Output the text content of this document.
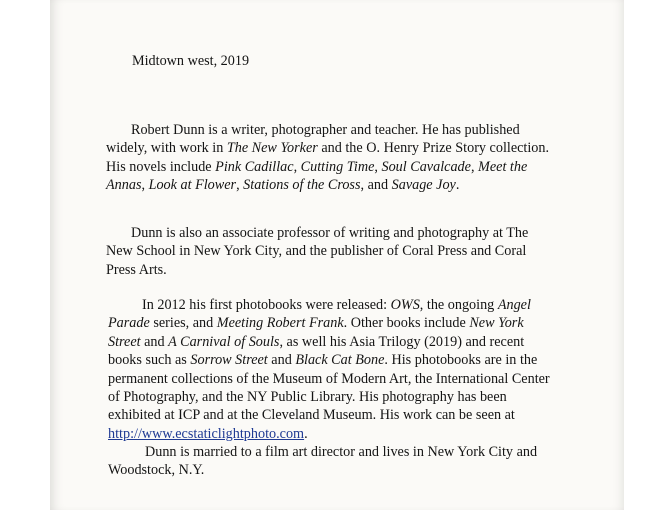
Midtown west, 2019
Robert Dunn is a writer, photographer and teacher. He has published widely, with work in The New Yorker and the O. Henry Prize Story collection. His novels include Pink Cadillac, Cutting Time, Soul Cavalcade, Meet the Annas, Look at Flower, Stations of the Cross, and Savage Joy.
Dunn is also an associate professor of writing and photography at The New School in New York City, and the publisher of Coral Press and Coral Press Arts.
In 2012 his first photobooks were released: OWS, the ongoing Angel Parade series, and Meeting Robert Frank. Other books include New York Street and A Carnival of Souls, as well his Asia Trilogy (2019) and recent books such as Sorrow Street and Black Cat Bone. His photobooks are in the permanent collections of the Museum of Modern Art, the International Center of Photography, and the NY Public Library. His photography has been exhibited at ICP and at the Cleveland Museum. His work can be seen at http://www.ecstaticlightphoto.com.
Dunn is married to a film art director and lives in New York City and Woodstock, N.Y.
